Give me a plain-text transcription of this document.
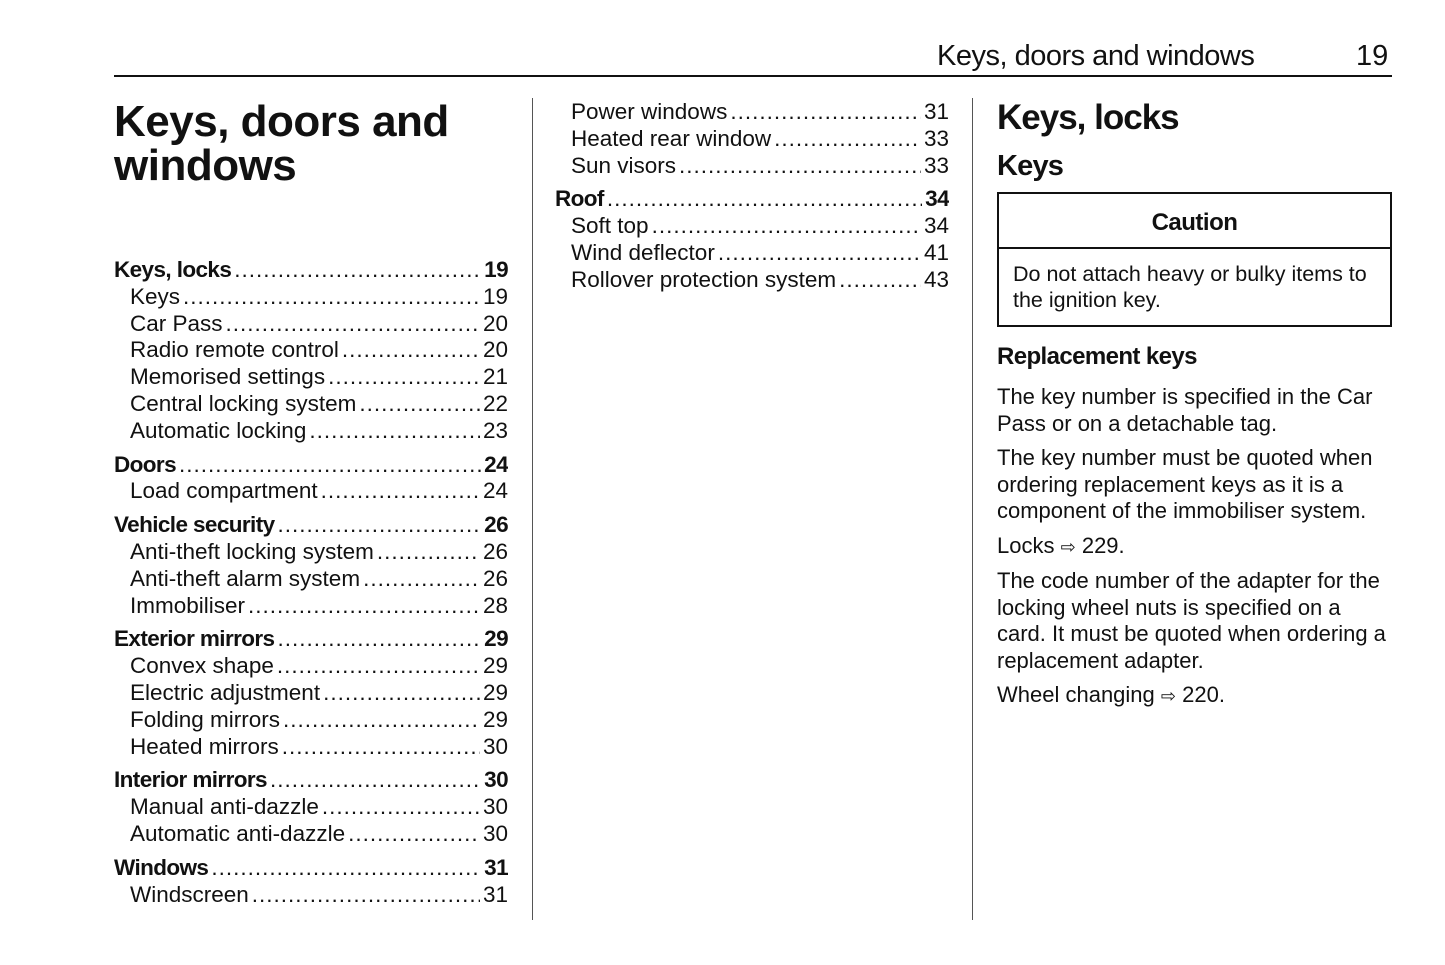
Keys, doors and windows	19
Keys, doors and windows
Keys, locks .....	19
Keys .....	19
Car Pass .....	20
Radio remote control .....	20
Memorised settings .....	21
Central locking system .....	22
Automatic locking .....	23
Doors .....	24
Load compartment .....	24
Vehicle security .....	26
Anti-theft locking system .....	26
Anti-theft alarm system .....	26
Immobiliser .....	28
Exterior mirrors .....	29
Convex shape .....	29
Electric adjustment .....	29
Folding mirrors .....	29
Heated mirrors .....	30
Interior mirrors .....	30
Manual anti-dazzle .....	30
Automatic anti-dazzle .....	30
Windows .....	31
Windscreen .....	31
Power windows .....	31
Heated rear window .....	33
Sun visors .....	33
Roof .....	34
Soft top .....	34
Wind deflector .....	41
Rollover protection system .....	43
Keys, locks
Keys
Caution
Do not attach heavy or bulky items to the ignition key.
Replacement keys

The key number is specified in the Car Pass or on a detachable tag.

The key number must be quoted when ordering replacement keys as it is a component of the immobiliser system.

Locks ⇨ 229.

The code number of the adapter for the locking wheel nuts is specified on a card. It must be quoted when ordering a replacement adapter.

Wheel changing ⇨ 220.
